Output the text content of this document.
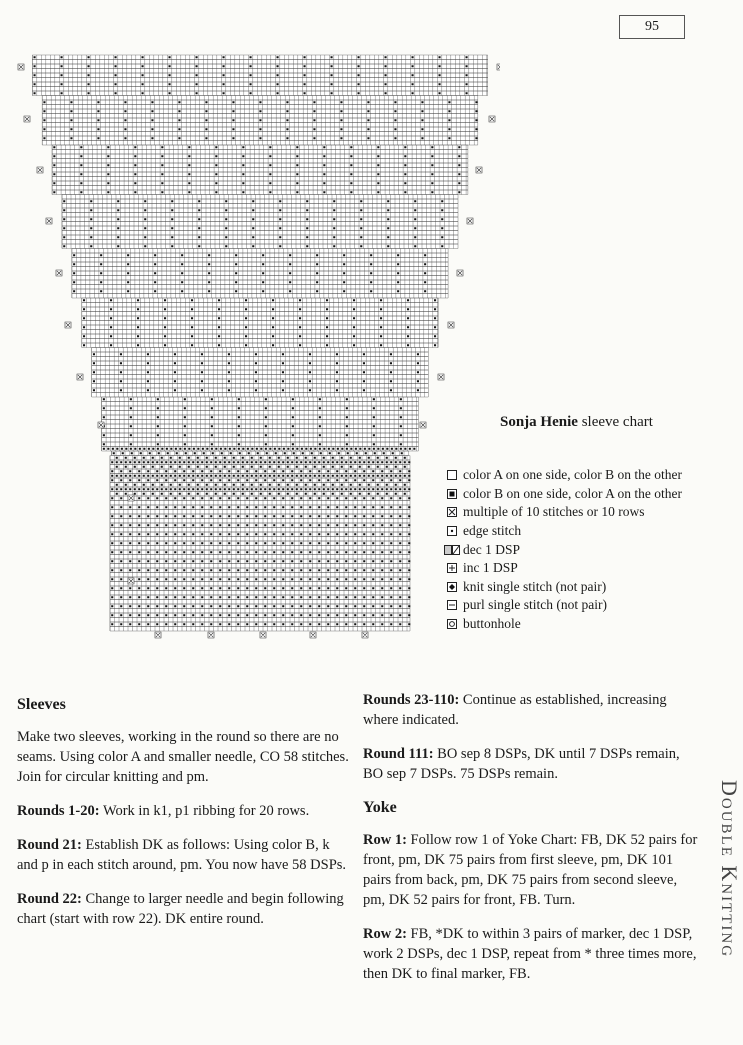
95
Sonja Henie sleeve chart
color A on one side, color B on the other
color B on one side, color A on the other
multiple of 10 stitches or 10 rows
edge stitch
dec 1 DSP
inc 1 DSP
knit single stitch (not pair)
purl single stitch (not pair)
buttonhole
Double Knitting
Sleeves

Make two sleeves, working in the round so there are no seams. Using color A and smaller needle, CO 58 stitches. Join for circular knitting and pm.

Rounds 1-20: Work in k1, p1 ribbing for 20 rows.

Round 21: Establish DK as follows: Using color B, k and p in each stitch around, pm. You now have 58 DSPs.

Round 22: Change to larger needle and begin following chart (start with row 22). DK entire round.

Rounds 23-110: Continue as established, increasing where indicated.

Round 111: BO sep 8 DSPs, DK until 7 DSPs remain, BO sep 7 DSPs. 75 DSPs remain.

Yoke

Row 1: Follow row 1 of Yoke Chart: FB, DK 52 pairs for front, pm, DK 75 pairs from first sleeve, pm, DK 101 pairs from back, pm, DK 75 pairs from second sleeve, pm, DK 52 pairs for front, FB. Turn.

Row 2: FB, *DK to within 3 pairs of marker, dec 1 DSP, work 2 DSPs, dec 1 DSP, repeat from * three times more, then DK to final marker, FB.
